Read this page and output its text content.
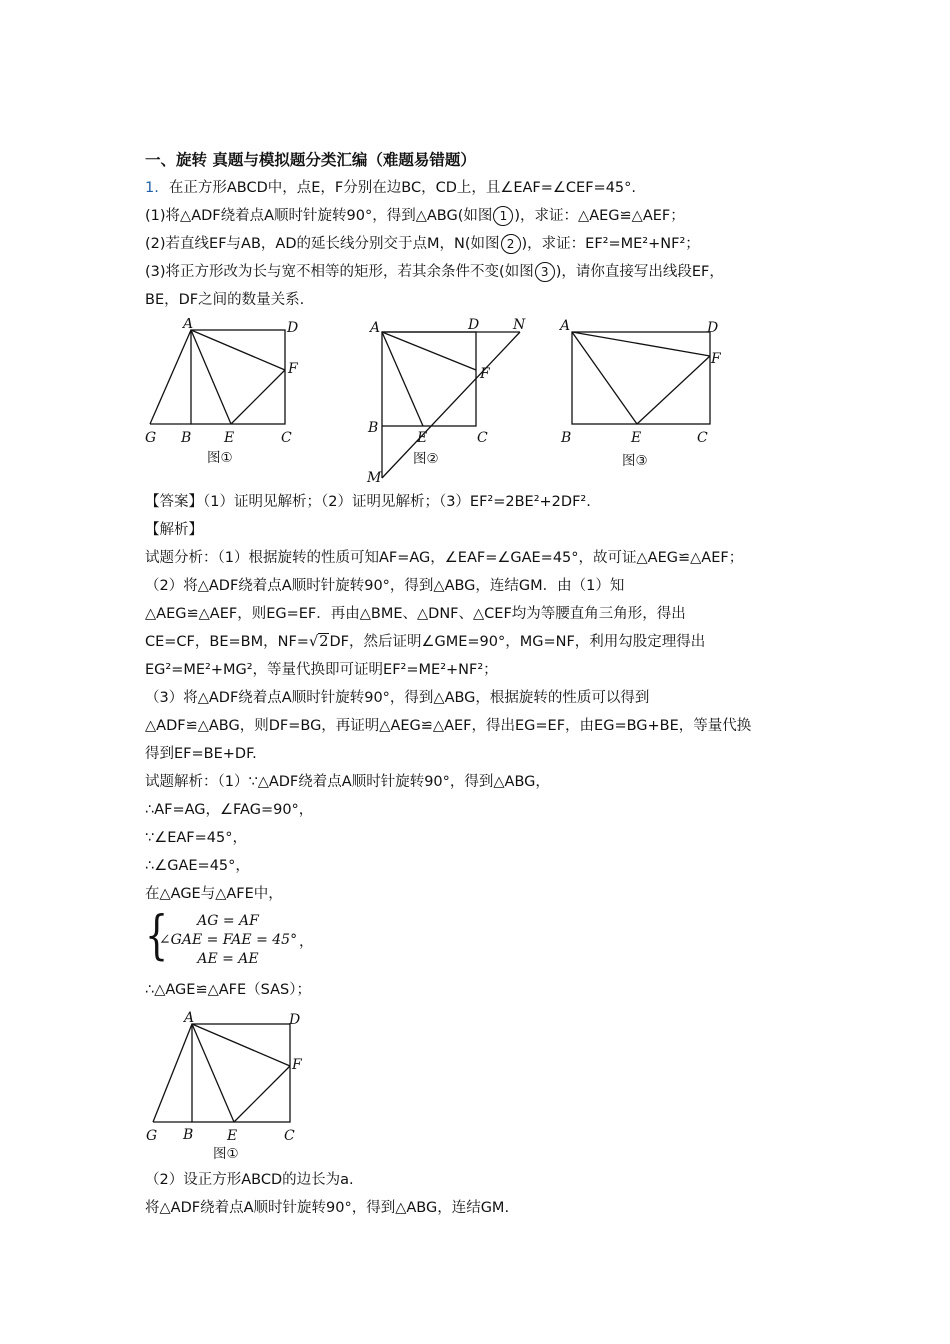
一、旋转 真题与模拟题分类汇编（难题易错题）
1. 在正方形ABCD中，点E，F分别在边BC，CD上，且∠EAF=∠CEF=45°.
(1)将△ADF绕着点A顺时针旋转90°，得到△ABG(如图 1 )，求证：△AEG≌△AEF；
(2)若直线EF与AB，AD的延长线分别交于点M，N(如图 2 )，求证：EF²=ME²+NF²；
(3)将正方形改为长与宽不相等的矩形，若其余条件不变(如图 3 )，请你直接写出线段EF，
BE，DF之间的数量关系.
A	D
F
G B E	C
图①
A	D N
F
B
E	C
M
图②
A	D
F
B	E	C
图③
【答案】（1）证明见解析；（2）证明见解析；（3）EF²=2BE²+2DF².
【解析】
试题分析：（1）根据旋转的性质可知AF=AG，∠EAF=∠GAE=45°，故可证△AEG≌△AEF；
（2）将△ADF绕着点A顺时针旋转90°，得到△ABG，连结GM．由（1）知
△AEG≌△AEF，则EG=EF．再由△BME、△DNF、△CEF均为等腰直角三角形，得出
CE=CF，BE=BM，NF=√2DF，然后证明∠GME=90°，MG=NF，利用勾股定理得出
EG²=ME²+MG²，等量代换即可证明EF²=ME²+NF²；
（3）将△ADF绕着点A顺时针旋转90°，得到△ABG，根据旋转的性质可以得到
△ADF≌△ABG，则DF=BG，再证明△AEG≌△AEF，得出EG=EF，由EG=BG+BE，等量代换
得到EF=BE+DF.
试题解析：（1）∵△ADF绕着点A顺时针旋转90°，得到△ABG，
∴AF=AG，∠FAG=90°，
∵∠EAF=45°，
∴∠GAE=45°，
在△AGE与△AFE中，
{	AG = AF
∠GAE = FAE = 45°
AE = AE
，
∴△AGE≌△AFE（SAS）；
A	D
F
G B E	C
图①
（2）设正方形ABCD的边长为a.
将△ADF绕着点A顺时针旋转90°，得到△ABG，连结GM.
